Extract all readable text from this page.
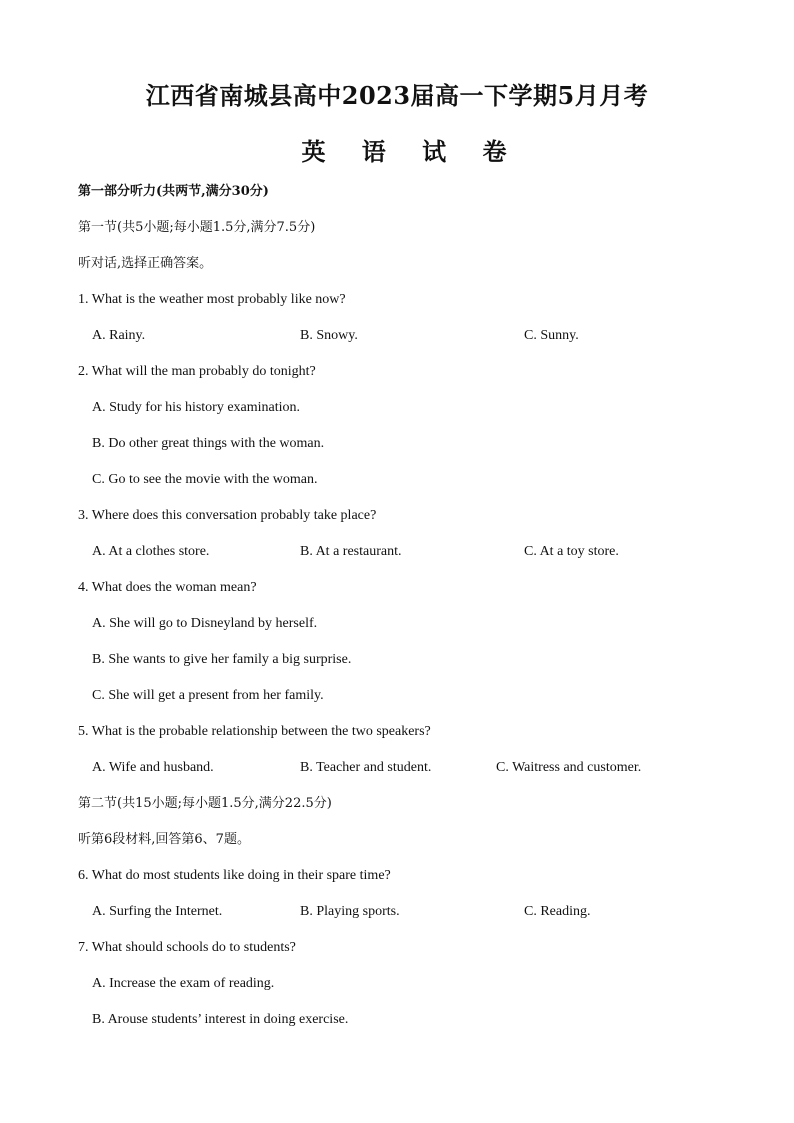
江西省南城县高中2023届高一下学期5月月考
英 语 试 卷
第一部分听力(共两节,满分30分)
第一节(共5小题;每小题1.5分,满分7.5分)
听对话,选择正确答案。
1. What is the weather most probably like now?
A. Rainy.	B. Snowy.	C. Sunny.
2. What will the man probably do tonight?
A. Study for his history examination.
B. Do other great things with the woman.
C. Go to see the movie with the woman.
3. Where does this conversation probably take place?
A. At a clothes store.	B. At a restaurant.	C. At a toy store.
4. What does the woman mean?
A. She will go to Disneyland by herself.
B. She wants to give her family a big surprise.
C. She will get a present from her family.
5. What is the probable relationship between the two speakers?
A. Wife and husband.	B. Teacher and student.	C. Waitress and customer.
第二节(共15小题;每小题1.5分,满分22.5分)
听第6段材料,回答第6、7题。
6. What do most students like doing in their spare time?
A. Surfing the Internet.	B. Playing sports.	C. Reading.
7. What should schools do to students?
A. Increase the exam of reading.
B. Arouse students’ interest in doing exercise.
